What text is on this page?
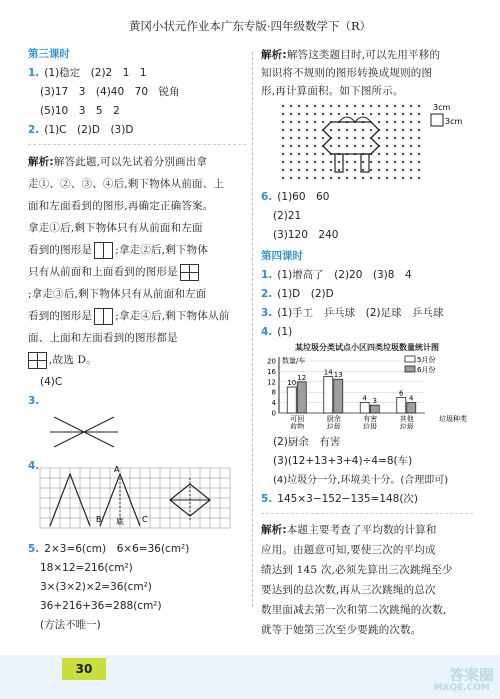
黄冈小状元作业本广东专版·四年级数学下（R）
第三课时
1. (1)稳定　(2)2　1　1
(3)17　3　(4)40　70　锐角
(5)10　3　5　2
2. (1)C　(2)D　(3)D
解析:解答此题,可以先试着分别画出拿
走①、②、③、④后,剩下物体从前面、上
面和左面看到的图形,再确定正确答案。
拿走①后,剩下物体只有从前面和左面
看到的图形是 ;拿走②后,剩下物体
只有从前面和上面看到的图形是
;拿走③后,剩下物体只有从前面和左面
看到的图形是 ;拿走④后,剩下物体从前
面、上面和左面看到的图形都是
,故选 D。
(4)C
3.
4.	A
B 底 C
5. 2×3=6(cm)　6×6=36(cm²)
18×12=216(cm²)
3×(3×2)×2=36(cm²)
36+216+36=288(cm²)
(方法不唯一)
解析:解答这类题目时,可以先用平移的
知识将不规则的图形转换成规则的图
形,再计算面积。如下图所示。
3cm
3cm
6. (1)60　60
(2)21
(3)120　240
第四课时
1. (1)增高了　(2)20　(3)8　4
2. (1)D　(2)D
3. (1)手工　乒乓球　(2)足球　乒乓球
4. (1)
某垃圾分类试点小区四类垃圾数量统计图
数量/车
垃圾种类
0
4
8
12
16
20
10
12
可回
收物
14 13
厨余
垃圾
4 3
有害
垃圾
6
4
其他
垃圾
5月份
6月份
(2)厨余　有害
(3)(12+13+3+4)÷4=8(车)
(4)垃圾分一分,环境美十分。(合理即可)
5. 145×3−152−135=148(次)
解析:本题主要考查了平均数的计算和
应用。由题意可知,要使三次的平均成
绩达到 145 次,必须先算出三次跳绳至少
要达到的总次数,再从三次跳绳的总次
数里面减去第一次和第二次跳绳的次数,
就等于她第三次至少要跳的次数。
30	答案圈
MXQE.COM
